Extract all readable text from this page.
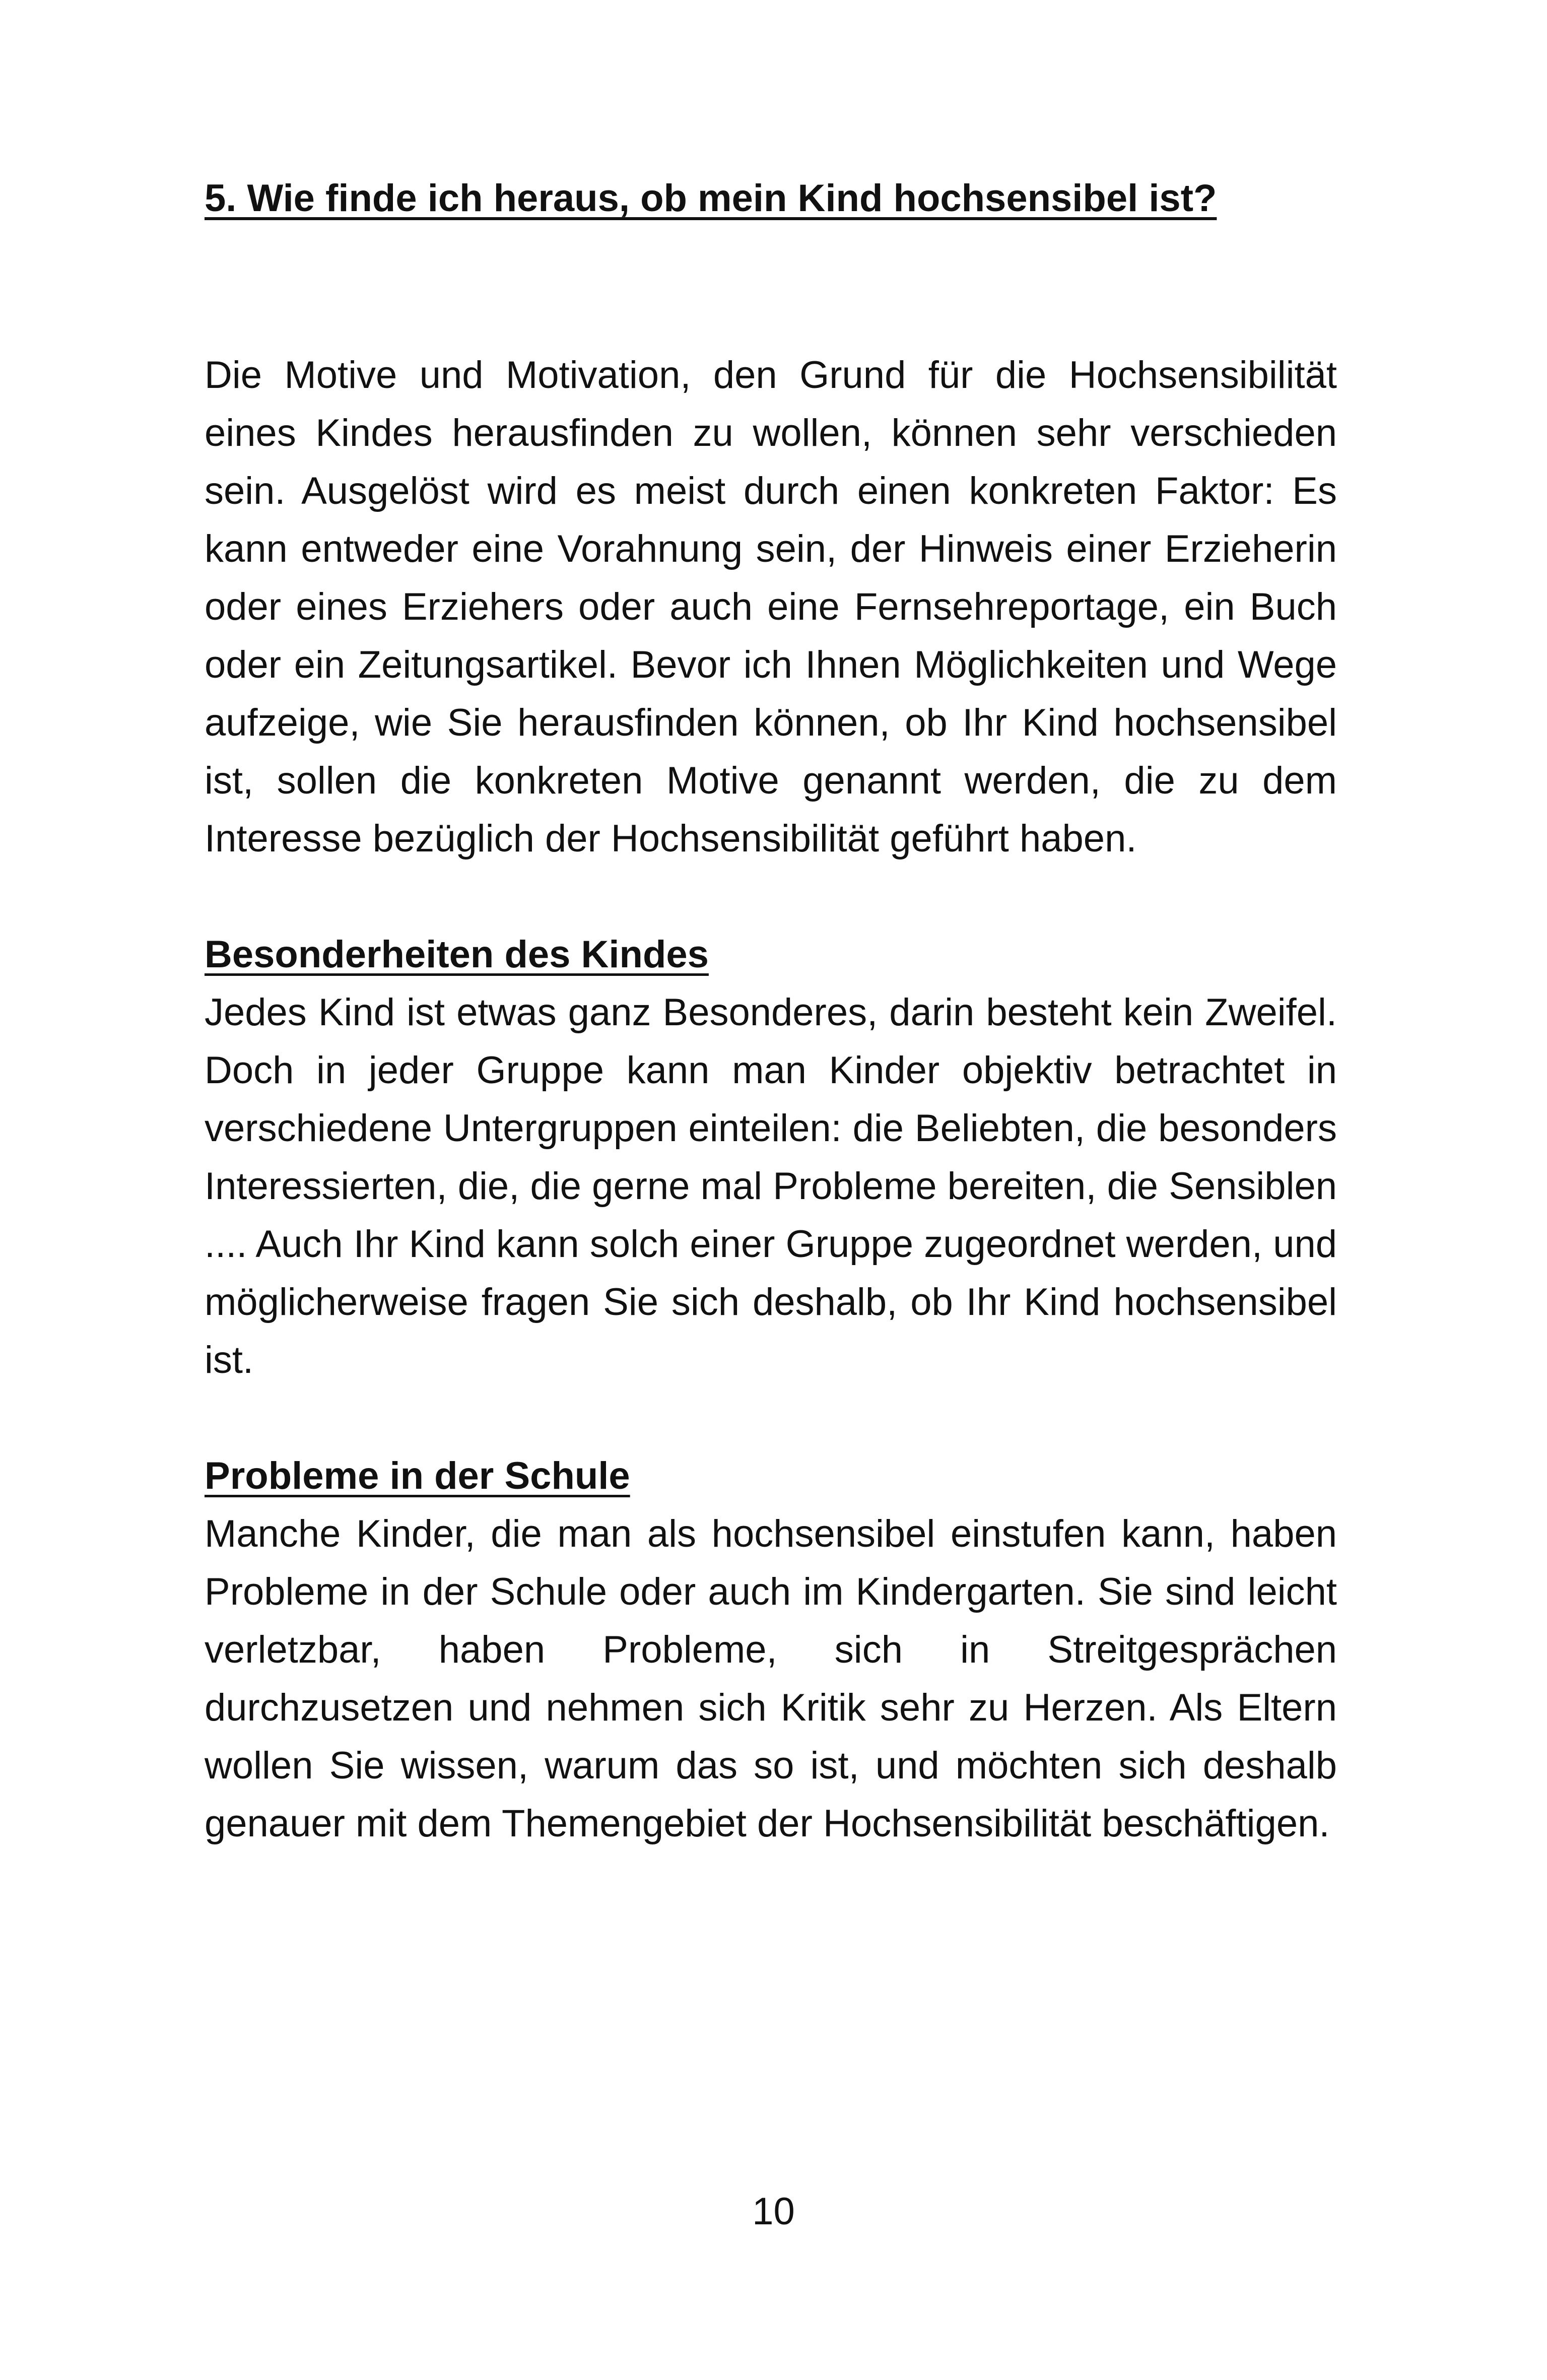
5. Wie finde ich heraus, ob mein Kind hochsensibel ist?

Die Motive und Motivation, den Grund für die Hochsensibilität eines Kindes herausfinden zu wollen, können sehr verschieden sein. Ausgelöst wird es meist durch einen konkreten Faktor: Es kann entweder eine Vorahnung sein, der Hinweis einer Erzieherin oder eines Erziehers oder auch eine Fernsehreportage, ein Buch oder ein Zeitungsartikel. Bevor ich Ihnen Möglichkeiten und Wege aufzeige, wie Sie herausfinden können, ob Ihr Kind hochsensibel ist, sollen die konkreten Motive genannt werden, die zu dem Interesse bezüglich der Hochsensibilität geführt haben.

Besonderheiten des Kindes

Jedes Kind ist etwas ganz Besonderes, darin besteht kein Zweifel. Doch in jeder Gruppe kann man Kinder objektiv betrachtet in verschiedene Untergruppen einteilen: die Beliebten, die besonders Interessierten, die, die gerne mal Probleme bereiten, die Sensiblen .... Auch Ihr Kind kann solch einer Gruppe zugeordnet werden, und möglicherweise fragen Sie sich deshalb, ob Ihr Kind hochsensibel ist.

Probleme in der Schule

Manche Kinder, die man als hochsensibel einstufen kann, haben Probleme in der Schule oder auch im Kindergarten. Sie sind leicht verletzbar, haben Probleme, sich in Streitgesprächen durchzusetzen und nehmen sich Kritik sehr zu Herzen. Als Eltern wollen Sie wissen, warum das so ist, und möchten sich deshalb genauer mit dem Themengebiet der Hochsensibilität beschäftigen.

10
